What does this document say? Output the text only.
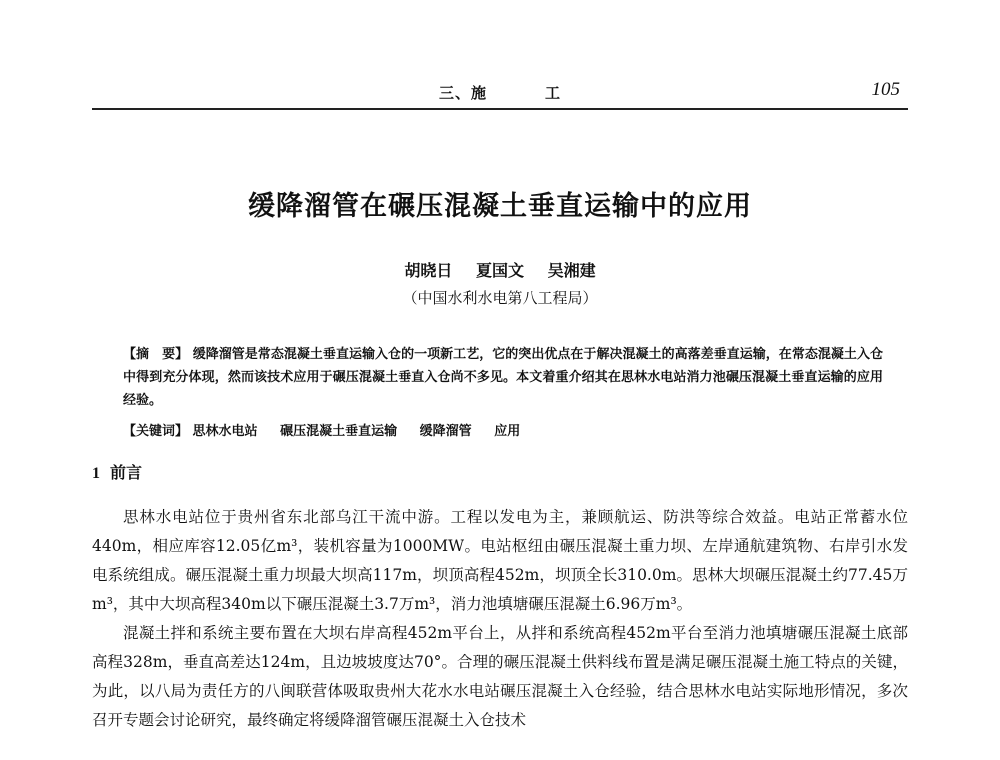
三、施	工	105
缓降溜管在碾压混凝土垂直运输中的应用
胡晓日 夏国文 吴湘建
（中国水利水电第八工程局）
【摘　要】 缓降溜管是常态混凝土垂直运输入仓的一项新工艺，它的突出优点在于解决混凝土的高落差垂直运输，在常态混凝土入仓中得到充分体现，然而该技术应用于碾压混凝土垂直入仓尚不多见。本文着重介绍其在思林水电站消力池碾压混凝土垂直运输的应用经验。
【关键词】 思林水电站 碾压混凝土垂直运输 缓降溜管 应用
1 前言

思林水电站位于贵州省东北部乌江干流中游。工程以发电为主，兼顾航运、防洪等综合效益。电站正常蓄水位440m，相应库容12.05亿m³，装机容量为1000MW。电站枢纽由碾压混凝土重力坝、左岸通航建筑物、右岸引水发电系统组成。碾压混凝土重力坝最大坝高117m，坝顶高程452m，坝顶全长310.0m。思林大坝碾压混凝土约77.45万m³，其中大坝高程340m以下碾压混凝土3.7万m³，消力池填塘碾压混凝土6.96万m³。

混凝土拌和系统主要布置在大坝右岸高程452m平台上，从拌和系统高程452m平台至消力池填塘碾压混凝土底部高程328m，垂直高差达124m，且边坡坡度达70°。合理的碾压混凝土供料线布置是满足碾压混凝土施工特点的关键，为此，以八局为责任方的八闽联营体吸取贵州大花水水电站碾压混凝土入仓经验，结合思林水电站实际地形情况，多次召开专题会讨论研究，最终确定将缓降溜管碾压混凝土入仓技术
